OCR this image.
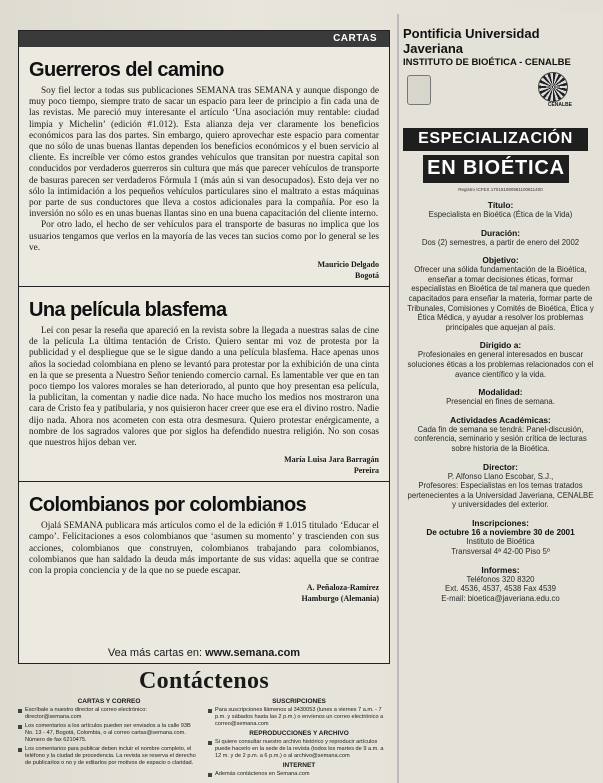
CARTAS
Guerreros del camino

Soy fiel lector a todas sus publicaciones SEMANA tras SEMANA y aunque dispongo de muy poco tiempo, siempre trato de sacar un espacio para leer de principio a fin cada una de las revistas. Me pareció muy interesante el artículo ‘Una asociación muy rentable: ciudad limpia y Michelin’ (edición #1.012). Esta alianza deja ver claramente los beneficios económicos para las dos partes. Sin embargo, quiero aprovechar este espacio para comentar que no sólo de unas buenas llantas dependen los beneficios económicos y el buen servicio al cliente. Es increíble ver cómo estos grandes vehículos que transitan por nuestra capital son conducidos por verdaderos guerreros sin cultura que más que parecer vehículos de transporte de basuras parecen ser verdaderos Fórmula 1 (más aún si van desocupados). Esto deja ver no sólo la intimidación a los pequeños vehículos particulares sino el maltrato a estas máquinas por parte de sus conductores que lleva a costos adicionales para la compañía. Por eso la inversión no sólo es en unas buenas llantas sino en una buena capacitación del cliente interno.

Por otro lado, el hecho de ser vehículos para el transporte de basuras no implica que los usuarios tengamos que verlos en la mayoría de las veces tan sucios como por lo general se les ve.

Mauricio Delgado

Bogotá

Una película blasfema

Leí con pesar la reseña que apareció en la revista sobre la llegada a nuestras salas de cine de la película La última tentación de Cristo. Quiero sentar mi voz de protesta por la publicidad y el despliegue que se le sigue dando a una película blasfema. Hace apenas unos años la sociedad colombiana en pleno se levantó para protestar por la exhibición de una cinta en la que se presenta a Nuestro Señor teniendo comercio carnal. Es lamentable ver que en tan poco tiempo los valores morales se han deteriorado, al punto que hoy presentan esa película, la publicitan, la comentan y nadie dice nada. No hace mucho los medios nos mostraron una cara de Cristo fea y patibularia, y nos quisieron hacer creer que ese era el divino rostro. Nadie dijo nada. Ahora nos acometen con esta otra desmesura. Quiero protestar enérgicamente, a nombre de los sagrados valores que por siglos ha defendido nuestra religión. No son cosas que nuestros hijos deban ver.

María Luisa Jara Barragán

Pereira

Colombianos por colombianos

Ojalá SEMANA publicara más artículos como el de la edición # 1.015 titulado ‘Educar el campo’. Felicitaciones a esos colombianos que ‘asumen su momento’ y trascienden con sus acciones, colombianos que construyen, colombianos trabajando para colombianos, colombianos que han saldado la deuda más importante de sus vidas: aquella que se contrae con la propia conciencia y de la que no se puede escapar.

A. Peñaloza-Ramírez

Hamburgo (Alemania)

Vea más cartas en: www.semana.com
Contáctenos

CARTAS Y CORREO

Escríbale a nuestro director al correo electrónico: director@semana.com

Los comentarios a los artículos pueden ser enviados a la calle 93B No. 13 - 47, Bogotá, Colombia, o al correo cartas@semana.com. Número de fax 6210475.

Los comentarios para publicar deben incluir el nombre completo, el teléfono y la ciudad de procedencia. La revista se reserva el derecho de publicarlos o no y de editarlos por motivos de espacio o claridad.

SUSCRIPCIONES

Para suscripciones llámenos al 3430053 (lunes a viernes 7 a.m. - 7 p.m. y sábados hasta las 2 p.m.) o envíenos un correo electrónico a correo@semana.com

REPRODUCCIONES Y ARCHIVO

Si quiere consultar nuestro archivo histórico y reproducir artículos puede hacerlo en la sede de la revista (todos los martes de 9 a.m. a 12 m. y de 2 p.m. a 6 p.m.) o al archivo@semana.com

INTERNET

Además contáctenos en Semana.com

Pontificia Universidad Javeriana

INSTITUTO DE BIOÉTICA - CENALBE

CENALBE
ESPECIALIZACIÓN
EN BIOÉTICA

Registro ICFES 170151080981100811400

Título:

Especialista en Bioética (Ética de la Vida)

Duración:

Dos (2) semestres, a partir de enero del 2002

Objetivo:

Ofrecer una sólida fundamentación de la Bioética, enseñar a tomar decisiones éticas, formar especialistas en Bioética de tal manera que queden capacitados para enseñar la materia, formar parte de Tribunales, Comisiones y Comités de Bioética, Ética y Ética Médica, y ayudar a resolver los problemas principales que aquejan al país.

Dirigido a:

Profesionales en general interesados en buscar soluciones éticas a los problemas relacionados con el avance científico y la vida.

Modalidad:

Presencial en fines de semana.

Actividades Académicas:

Cada fin de semana se tendrá: Panel-discusión, conferencia, seminario y sesión crítica de lecturas sobre historia de la Bioética.

Director:

P. Alfonso Llano Escobar, S.J.,

Profesores: Especialistas en los temas tratados pertenecientes a la Universidad Javeriana, CENALBE y universidades del exterior.

Inscripciones:

De octubre 16 a noviembre 30 de 2001

Instituto de Bioética

Transversal 4ª 42-00 Piso 5º

Informes:

Teléfonos 320 8320

Ext. 4536, 4537, 4538 Fax 4539

E-mail: bioetica@javeriana.edu.co
